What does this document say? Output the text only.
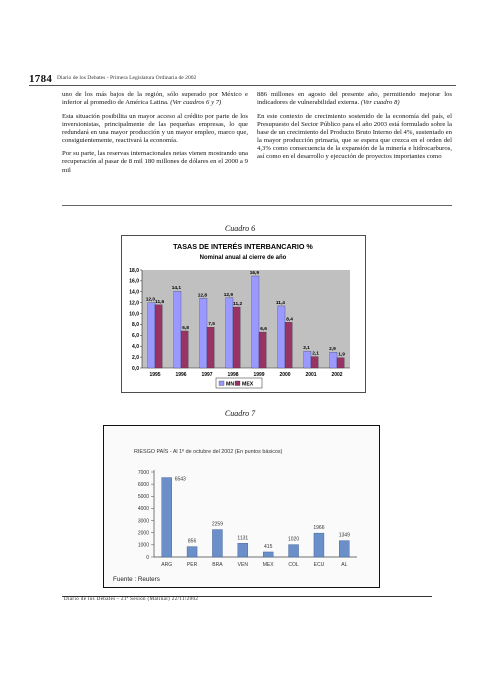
1784 Diario de los Debates - Primera Legislatura Ordinaria de 2002

uno de los más bajos de la región, sólo superado por México e inferior al promedio de América Latina. (Ver cuadros 6 y 7)

Esta situación posibilita un mayor acceso al crédito por parte de los inversionistas, principalmente de las pequeñas empresas, lo que redundará en una mayor producción y un mayor empleo, marco que, consiguientemente, reactivará la economía.

Por su parte, las reservas internacionales netas vienen mostrando una recuperación al pasar de 8 mil 180 millones de dólares en el 2000 a 9 mil

886 millones en agosto del presente año, permitiendo mejorar los indicadores de vulnerabilidad externa. (Ver cuadro 8)

En este contexto de crecimiento sostenido de la economía del país, el Presupuesto del Sector Público para el año 2003 está formulado sobre la base de un crecimiento del Producto Bruto Interno del 4%, sustentado en la mayor producción primaria, que se espera que crezca en el orden del 4,3% como consecuencia de la expansión de la minería e hidrocarburos, así como en el desarrollo y ejecución de proyectos importantes como

Cuadro 6
Cuadro 7
TASAS DE INTERÉS INTERBANCARIO %
Nominal anual al cierre de año
0,0
2,0
4,0
6,0
8,0
10,0
12,0
14,0
16,0
18,0
12,0 11,6
1995
14,1
6,8
1996
12,8
7,5
1997
12,9
11,2
1998
16,9
6,6
1999
11,4
8,4
2000
3,1
2,1
2001
2,9
1,9
2002
MN MEX
RIESGO PAÍS - Al 1º de octubre del 2002 (En puntos básicos)
0
1000
2000
3000
4000
5000
6000
7000
6543
ARG
856
PER
2259
BRA
1131
VEN
415
MEX
1020
COL
1966
ECU
1349
AL
Fuente : Reuters
Diario de los Debates - 21ª Sesión (Matinal) 22/11/2002
